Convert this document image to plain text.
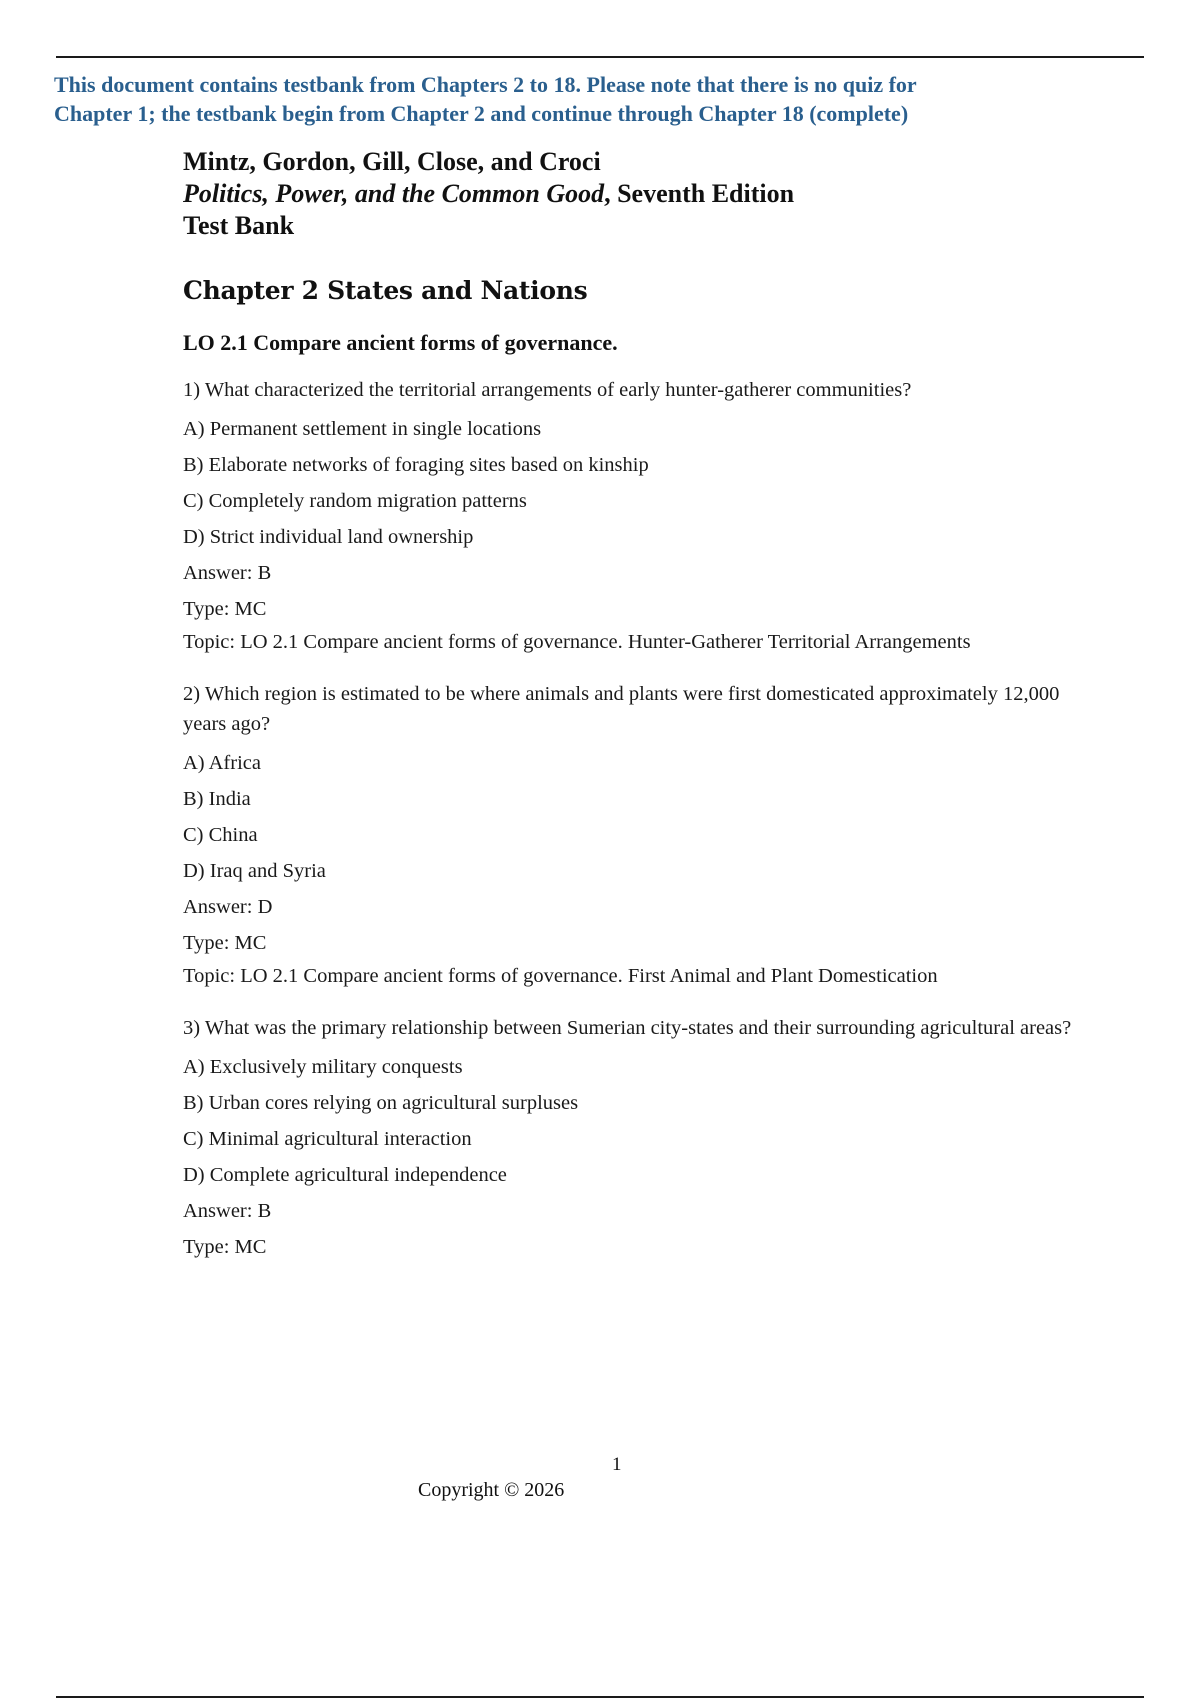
This document contains testbank from Chapters 2 to 18. Please note that there is no quiz for
Chapter 1; the testbank begin from Chapter 2 and continue through Chapter 18 (complete)
Mintz, Gordon, Gill, Close, and Croci
Politics, Power, and the Common Good, Seventh Edition
Test Bank
Chapter 2 States and Nations
LO 2.1 Compare ancient forms of governance.
1) What characterized the territorial arrangements of early hunter-gatherer communities?
A) Permanent settlement in single locations
B) Elaborate networks of foraging sites based on kinship
C) Completely random migration patterns
D) Strict individual land ownership
Answer: B
Type: MC
Topic: LO 2.1 Compare ancient forms of governance. Hunter-Gatherer Territorial Arrangements
2) Which region is estimated to be where animals and plants were first domesticated approximately 12,000 years ago?
A) Africa
B) India
C) China
D) Iraq and Syria
Answer: D
Type: MC
Topic: LO 2.1 Compare ancient forms of governance. First Animal and Plant Domestication
3) What was the primary relationship between Sumerian city-states and their surrounding agricultural areas?
A) Exclusively military conquests
B) Urban cores relying on agricultural surpluses
C) Minimal agricultural interaction
D) Complete agricultural independence
Answer: B
Type: MC
1
Copyright © 2026
